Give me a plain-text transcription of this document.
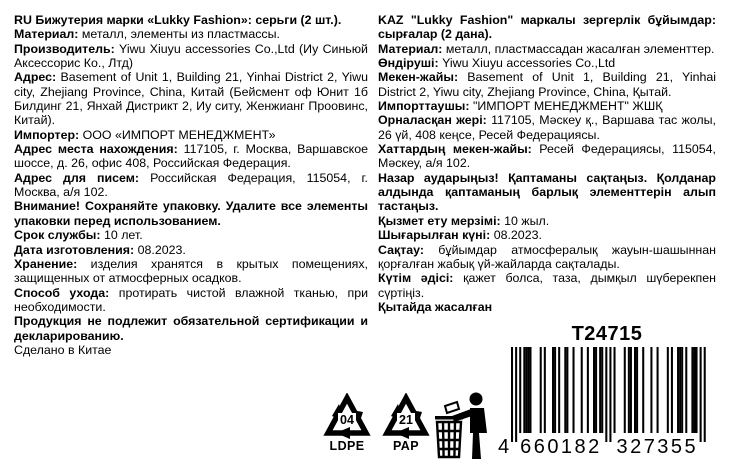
RU Бижутерия марки «Lukky Fashion»: серьги (2 шт.).

Материал: металл, элементы из пластмассы.

Производитель: Yiwu Xiuyu accessories Co.,Ltd (Иу Синьюй Аксессорис Ко., Лтд)

Адрес: Basement of Unit 1, Building 21, Yinhai District 2, Yiwu city, Zhejiang Province, China, Китай (Бейсмент оф Юнит 1б Билдинг 21, Янхай Дистрикт 2, Иу ситу, Женжианг Проовинс, Китай).

Импортер: ООО «ИМПОРТ МЕНЕДЖМЕНТ»

Адрес места нахождения: 117105, г. Москва, Варшавское шоссе, д. 26, офис 408, Российская Федерация.

Адрес для писем: Российская Федерация, 115054, г. Москва, а/я 102.

Внимание! Сохраняйте упаковку. Удалите все элементы упаковки перед использованием.

Срок службы: 10 лет.

Дата изготовления: 08.2023.

Хранение: изделия хранятся в крытых помещениях, защищенных от атмосферных осадков.

Способ ухода: протирать чистой влажной тканью, при необходимости.

Продукция не подлежит обязательной сертификации и декларированию.

Сделано в Китае

KAZ "Lukky Fashion" маркалы зергерлік бұйымдар: сырғалар (2 дана).

Материал: металл, пластмассадан жасалған элементтер.

Өндіруші: Yiwu Xiuyu accessories Co.,Ltd

Мекен-жайы: Basement of Unit 1, Building 21, Yinhai District 2, Yiwu city, Zhejiang Province, China, Қытай.

Импорттаушы: "ИМПОРТ МЕНЕДЖМЕНТ" ЖШҚ

Орналасқан жері: 117105, Мәскеу қ., Варшава тас жолы, 26 үй, 408 кеңсе, Ресей Федерациясы.

Хаттардың мекен-жайы: Ресей Федерациясы, 115054, Мәскеу, а/я 102.

Назар аударыңыз! Қаптаманы сақтаңыз. Қолданар алдында қаптаманың барлық элементтерін алып тастаңыз.

Қызмет ету мерзімі: 10 жыл.

Шығарылған күні: 08.2023.

Сақтау: бұйымдар атмосфералық жауын-шашыннан қорғалған жабық үй-жайларда сақталады.

Күтім әдісі: қажет болса, таза, дымқыл шүберекпен сүртіңіз.

Қытайда жасалған

04
LDPE
21
PAP
T24715
4 660182 327355
